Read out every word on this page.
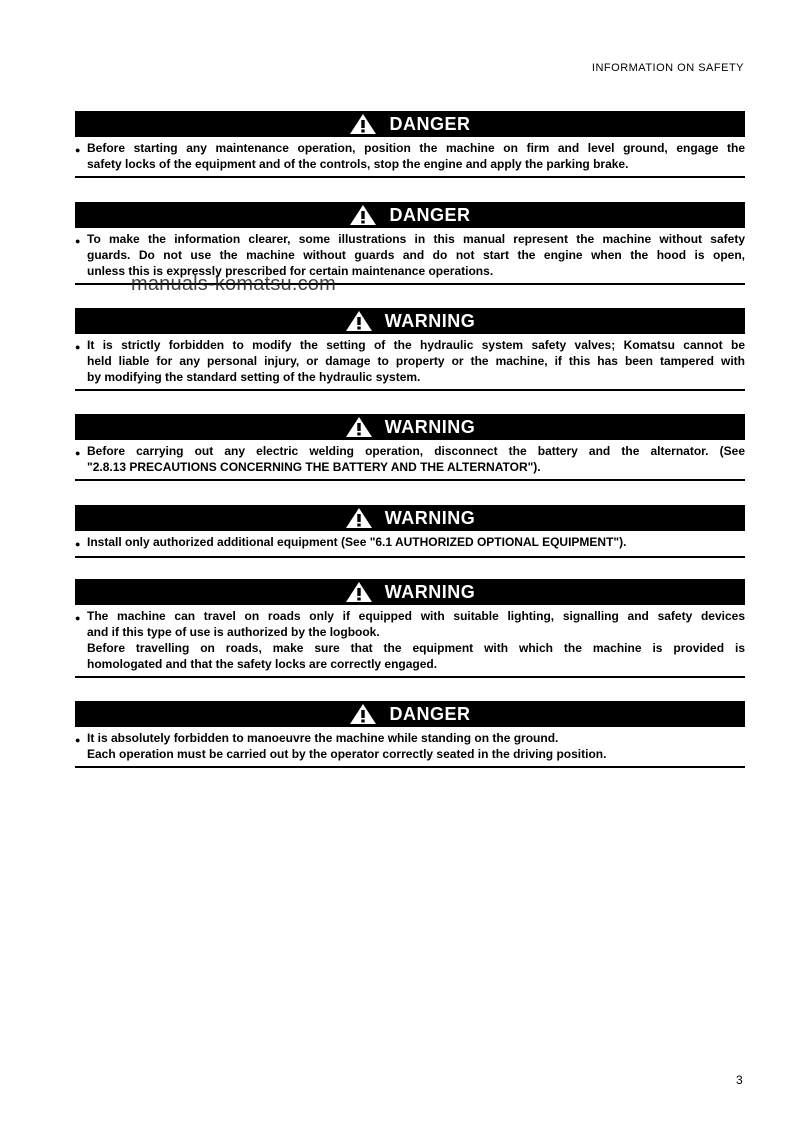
INFORMATION ON SAFETY
DANGER
● Before starting any maintenance operation, position the machine on firm and level ground, engage the
safety locks of the equipment and of the controls, stop the engine and apply the parking brake.
DANGER
● To make the information clearer, some illustrations in this manual represent the machine without safety
guards. Do not use the machine without guards and do not start the engine when the hood is open,
unless this is expressly prescribed for certain maintenance operations.
WARNING
● It is strictly forbidden to modify the setting of the hydraulic system safety valves; Komatsu cannot be
held liable for any personal injury, or damage to property or the machine, if this has been tampered with
by modifying the standard setting of the hydraulic system.
WARNING
● Before carrying out any electric welding operation, disconnect the battery and the alternator. (See
"2.8.13 PRECAUTIONS CONCERNING THE BATTERY AND THE ALTERNATOR").
WARNING
● Install only authorized additional equipment (See "6.1 AUTHORIZED OPTIONAL EQUIPMENT").
WARNING
● The machine can travel on roads only if equipped with suitable lighting, signalling and safety devices
and if this type of use is authorized by the logbook.
Before travelling on roads, make sure that the equipment with which the machine is provided is
homologated and that the safety locks are correctly engaged.
DANGER
● It is absolutely forbidden to manoeuvre the machine while standing on the ground.
Each operation must be carried out by the operator correctly seated in the driving position.
manuals-komatsu.com
3
